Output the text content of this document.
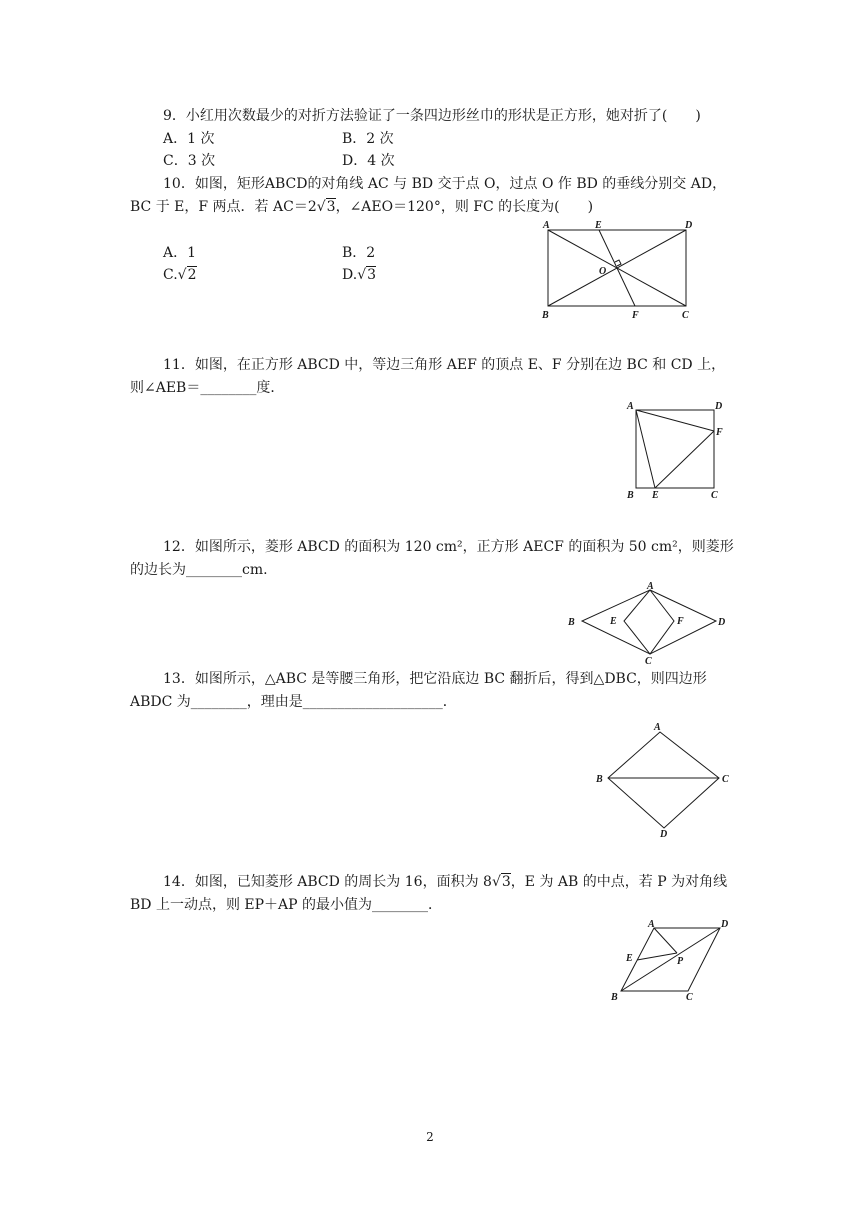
9．小红用次数最少的对折方法验证了一条四边形丝巾的形状是正方形，她对折了(　　)
A．1 次	B．2 次
C．3 次	D．4 次
10．如图，矩形ABCD的对角线 AC 与 BD 交于点 O，过点 O 作 BD 的垂线分别交 AD，
BC 于 E，F 两点．若 AC＝2√3，∠AEO＝120°，则 FC 的长度为(　　)
A．1	B．2
C.√2	D.√3
A	E	D
O
B	F	C
11．如图，在正方形 ABCD 中，等边三角形 AEF 的顶点 E、F 分别在边 BC 和 CD 上，
则∠AEB＝________度．
A	D
F
B E	C
12．如图所示，菱形 ABCD 的面积为 120 cm²，正方形 AECF 的面积为 50 cm²，则菱形
的边长为________cm.
A
B	E	F	D
C
13．如图所示，△ABC 是等腰三角形，把它沿底边 BC 翻折后，得到△DBC，则四边形
ABDC 为________，理由是____________________．
A
B	C
D
14．如图，已知菱形 ABCD 的周长为 16，面积为 8√3，E 为 AB 的中点，若 P 为对角线
BD 上一动点，则 EP＋AP 的最小值为________．
A	D
E	P
B	C
2
